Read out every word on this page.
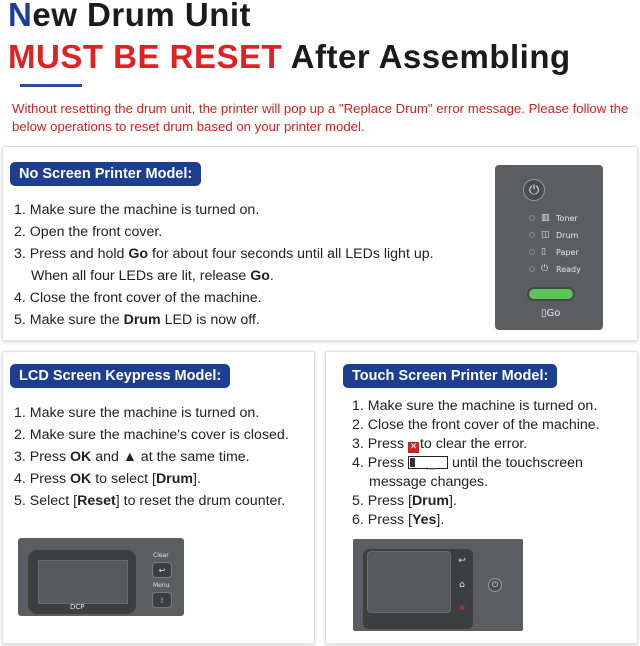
New Drum Unit
MUST BE RESET After Assembling
Without resetting the drum unit, the printer will pop up a "Replace Drum" error message. Please follow the below operations to reset drum based on your printer model.
No Screen Printer Model:
1. Make sure the machine is turned on.
2. Open the front cover.
3. Press and hold Go for about four seconds until all LEDs light up.
When all four LEDs are lit, release Go.
4. Close the front cover of the machine.
5. Make sure the Drum LED is now off.
⏻
▥ Toner
◫ Drum
▯	Paper
⏻ Ready
▯Go
LCD Screen Keypress Model:
1. Make sure the machine is turned on.
2. Make sure the machine's cover is closed.
3. Press OK and ▲ at the same time.
4. Press OK to select [Drum].
5. Select [Reset] to reset the drum counter.
DCP
Clear
↩
Menu
⁞
Touch Screen Printer Model:
1. Make sure the machine is turned on.
2. Close the front cover of the machine.
3. Press ✕ to clear the error.
4. Press	Done until the touchscreen
message changes.
5. Press [Drum].
6. Press [Yes].
↩
⌂
✕
⏻
